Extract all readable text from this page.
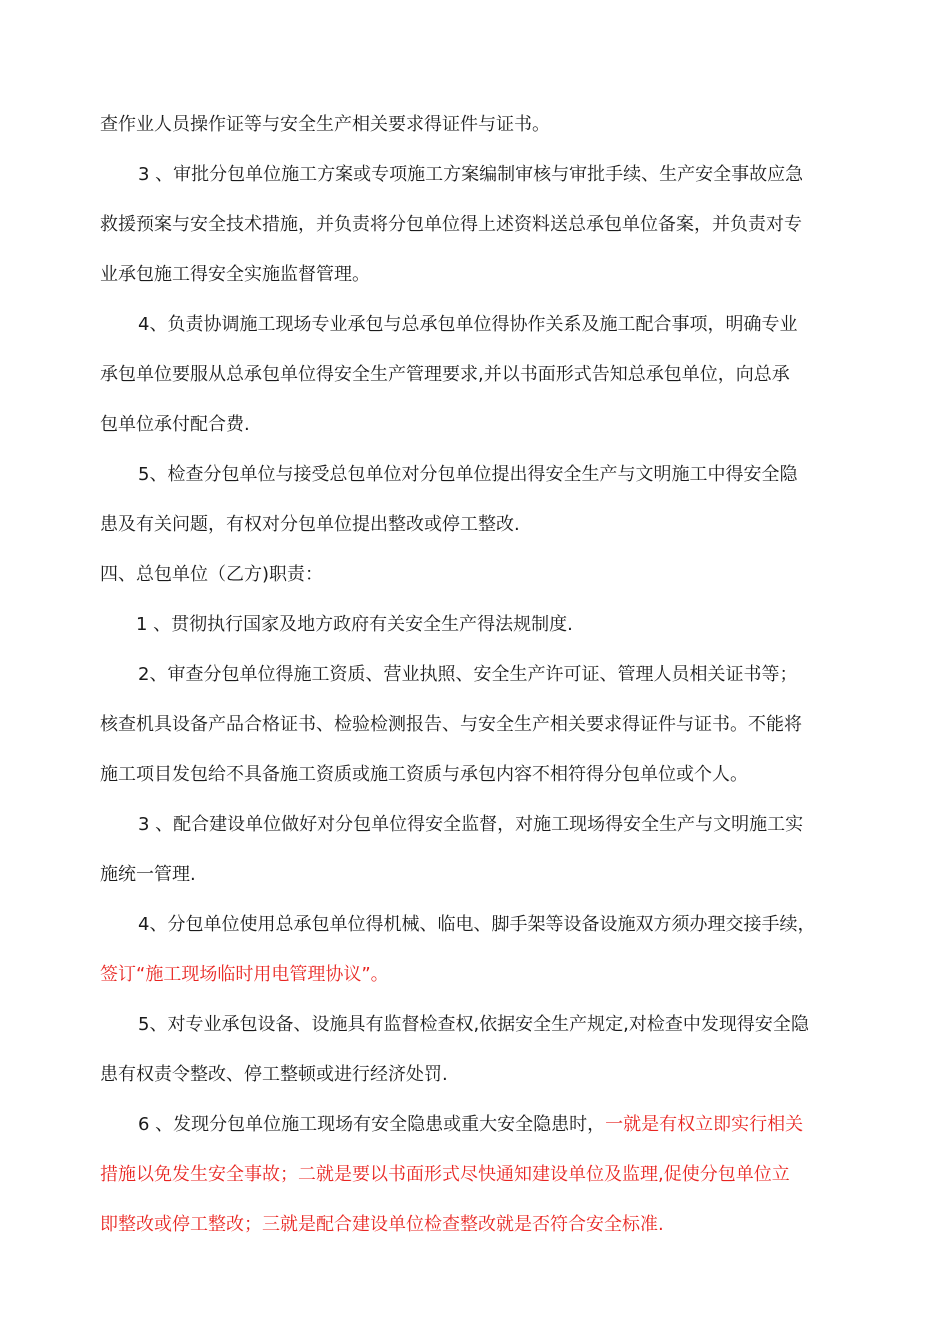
查作业人员操作证等与安全生产相关要求得证件与证书。
3 、审批分包单位施工方案或专项施工方案编制审核与审批手续、生产安全事故应急
救援预案与安全技术措施，并负责将分包单位得上述资料送总承包单位备案，并负责对专
业承包施工得安全实施监督管理。
4、负责协调施工现场专业承包与总承包单位得协作关系及施工配合事项，明确专业
承包单位要服从总承包单位得安全生产管理要求,并以书面形式告知总承包单位，向总承
包单位承付配合费.
5、检查分包单位与接受总包单位对分包单位提出得安全生产与文明施工中得安全隐
患及有关问题，有权对分包单位提出整改或停工整改.
四、总包单位（乙方)职责：
1 、贯彻执行国家及地方政府有关安全生产得法规制度.
2、审查分包单位得施工资质、营业执照、安全生产许可证、管理人员相关证书等；
核查机具设备产品合格证书、检验检测报告、与安全生产相关要求得证件与证书。不能将
施工项目发包给不具备施工资质或施工资质与承包内容不相符得分包单位或个人。
3 、配合建设单位做好对分包单位得安全监督，对施工现场得安全生产与文明施工实
施统一管理.
4、分包单位使用总承包单位得机械、临电、脚手架等设备设施双方须办理交接手续，
签订“施工现场临时用电管理协议”。
5、对专业承包设备、设施具有监督检查权,依据安全生产规定,对检查中发现得安全隐
患有权责令整改、停工整顿或进行经济处罚.
6 、发现分包单位施工现场有安全隐患或重大安全隐患时，一就是有权立即实行相关
措施以免发生安全事故；二就是要以书面形式尽快通知建设单位及监理,促使分包单位立
即整改或停工整改；三就是配合建设单位检查整改就是否符合安全标准.
